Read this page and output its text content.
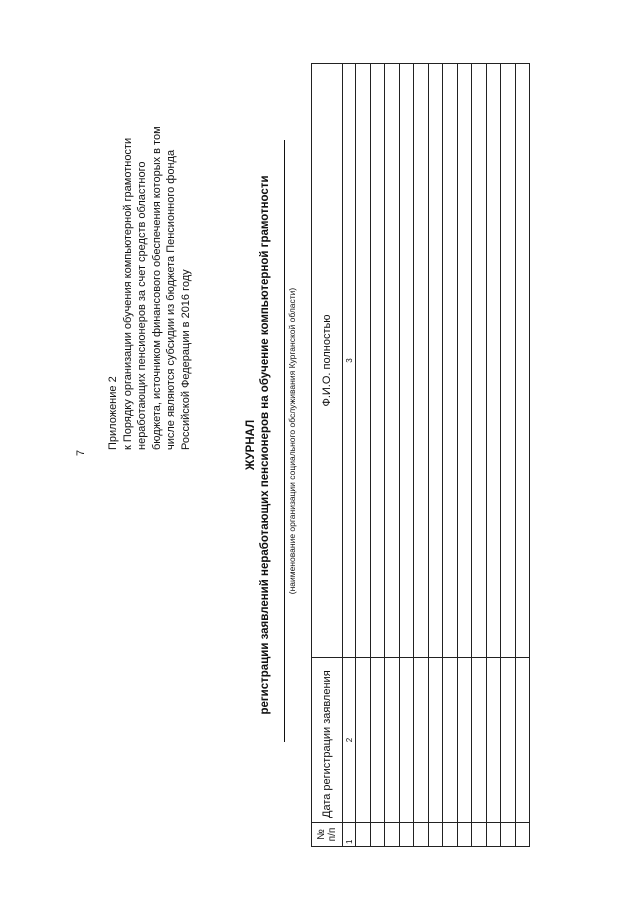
7
Приложение 2 к Порядку организации обучения компьютерной грамотности неработающих пенсионеров за счет средств областного бюджета, источником финансового обеспечения которых в том числе являются субсидии из бюджета Пенсионного фонда Российской Федерации в 2016 году	ЖУРНАЛ регистрации заявлений неработающих пенсионеров на обучение компьютерной грамотности (наименование организации социального обслуживания Курганской области)
№ п/п	Дата регистрации заявления	Ф.И.О. полностью
1	2	3
